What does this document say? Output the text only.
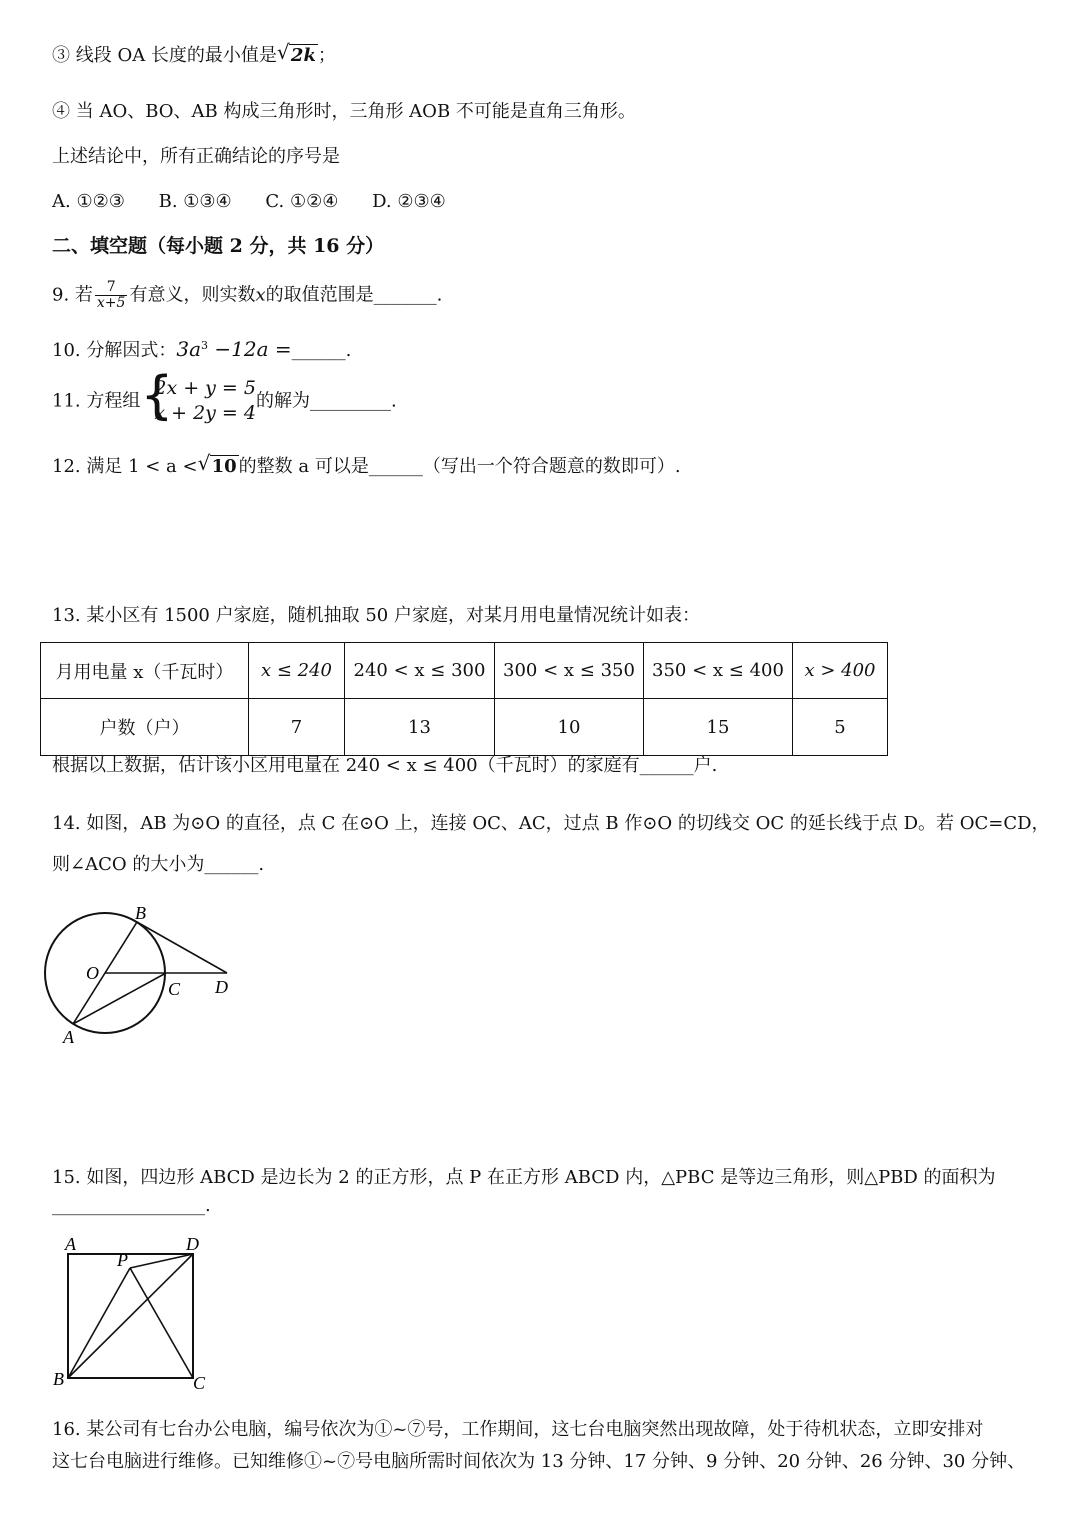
③ 线段 OA 长度的最小值是 √ 2k ；
④ 当 AO、BO、AB 构成三角形时，三角形 AOB 不可能是直角三角形。
上述结论中，所有正确结论的序号是
A. ①②③ B. ①③④ C. ①②④ D. ②③④
二、填空题（每小题 2 分，共 16 分）
9. 若 $\frac{7}{x+5}$ 有意义，则实数x的取值范围是_______.
10. 分解因式：$3a^3 -12a$ =______.
11. 方程组 {
2x + y = 5
x + 2y = 4
的解为_________.
12. 满足 1 < a < √ 10 的整数 a 可以是______（写出一个符合题意的数即可）.
13. 某小区有 1500 户家庭，随机抽取 50 户家庭，对某月用电量情况统计如表：
月用电量 x（千瓦时）	x ≤ 240	240 < x ≤ 300	300 < x ≤ 350	350 < x ≤ 400	x > 400
户数（户）	7	13	10	15	5
根据以上数据，估计该小区用电量在 240 < x ≤ 400（千瓦时）的家庭有______户.
14. 如图，AB 为⊙O 的直径，点 C 在⊙O 上，连接 OC、AC，过点 B 作⊙O 的切线交 OC 的延长线于点 D。若 OC=CD，
则∠ACO 的大小为______.
B
O
C D
A
15. 如图，四边形 ABCD 是边长为 2 的正方形，点 P 在正方形 ABCD 内，△PBC 是等边三角形，则△PBD 的面积为
_________________.
A	D
P
B	C
16. 某公司有七台办公电脑，编号依次为①~⑦号，工作期间，这七台电脑突然出现故障，处于待机状态，立即安排对
这七台电脑进行维修。已知维修①~⑦号电脑所需时间依次为 13 分钟、17 分钟、9 分钟、20 分钟、26 分钟、30 分钟、
